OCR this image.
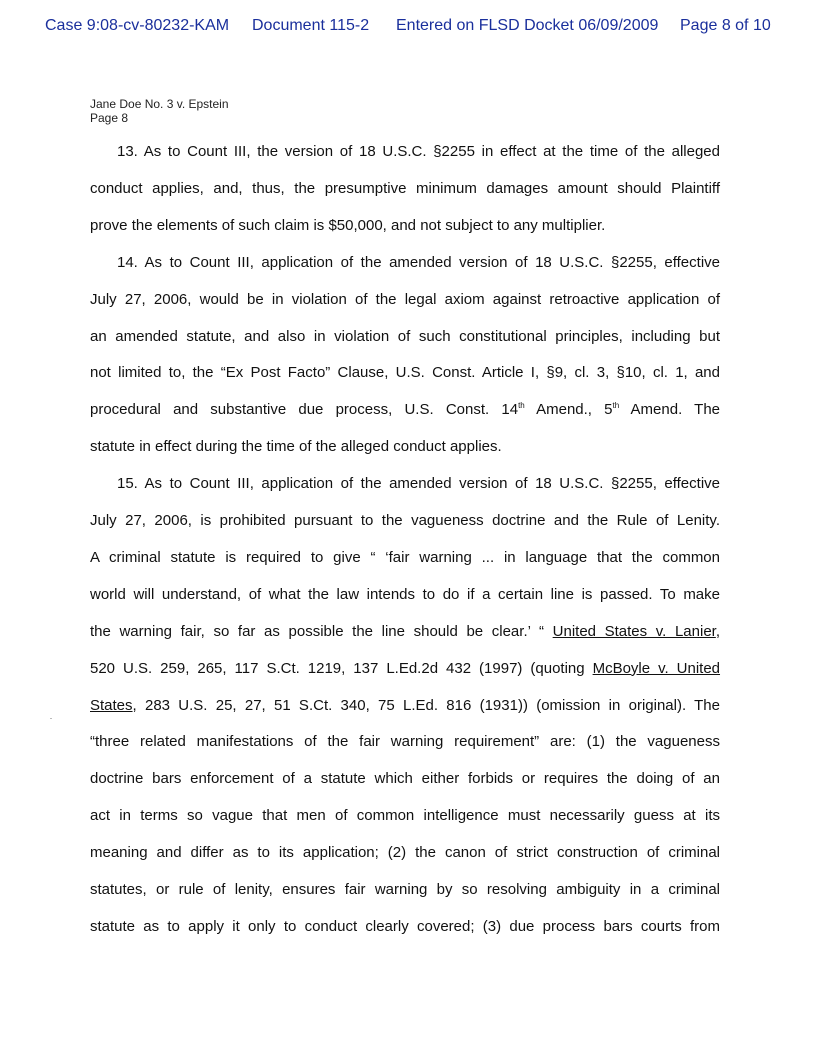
Case 9:08-cv-80232-KAM Document 115-2 Entered on FLSD Docket 06/09/2009 Page 8 of 10
Jane Doe No. 3 v. Epstein
Page 8
13. As to Count III, the version of 18 U.S.C. §2255 in effect at the time of the alleged
conduct applies, and, thus, the presumptive minimum damages amount should Plaintiff
prove the elements of such claim is $50,000, and not subject to any multiplier.
14. As to Count III, application of the amended version of 18 U.S.C. §2255, effective
July 27, 2006, would be in violation of the legal axiom against retroactive application of
an amended statute, and also in violation of such constitutional principles, including but
not limited to, the “Ex Post Facto” Clause, U.S. Const. Article I, §9, cl. 3, §10, cl. 1, and
procedural and substantive due process, U.S. Const. 14th Amend., 5th Amend. The
statute in effect during the time of the alleged conduct applies.
15. As to Count III, application of the amended version of 18 U.S.C. §2255, effective
July 27, 2006, is prohibited pursuant to the vagueness doctrine and the Rule of Lenity.
A criminal statute is required to give “ ‘fair warning ... in language that the common
world will understand, of what the law intends to do if a certain line is passed. To make
the warning fair, so far as possible the line should be clear.’ “ United States v. Lanier,
520 U.S. 259, 265, 117 S.Ct. 1219, 137 L.Ed.2d 432 (1997) (quoting McBoyle v. United
States, 283 U.S. 25, 27, 51 S.Ct. 340, 75 L.Ed. 816 (1931)) (omission in original). The
“three related manifestations of the fair warning requirement” are: (1) the vagueness
doctrine bars enforcement of a statute which either forbids or requires the doing of an
act in terms so vague that men of common intelligence must necessarily guess at its
meaning and differ as to its application; (2) the canon of strict construction of criminal
statutes, or rule of lenity, ensures fair warning by so resolving ambiguity in a criminal
statute as to apply it only to conduct clearly covered; (3) due process bars courts from
